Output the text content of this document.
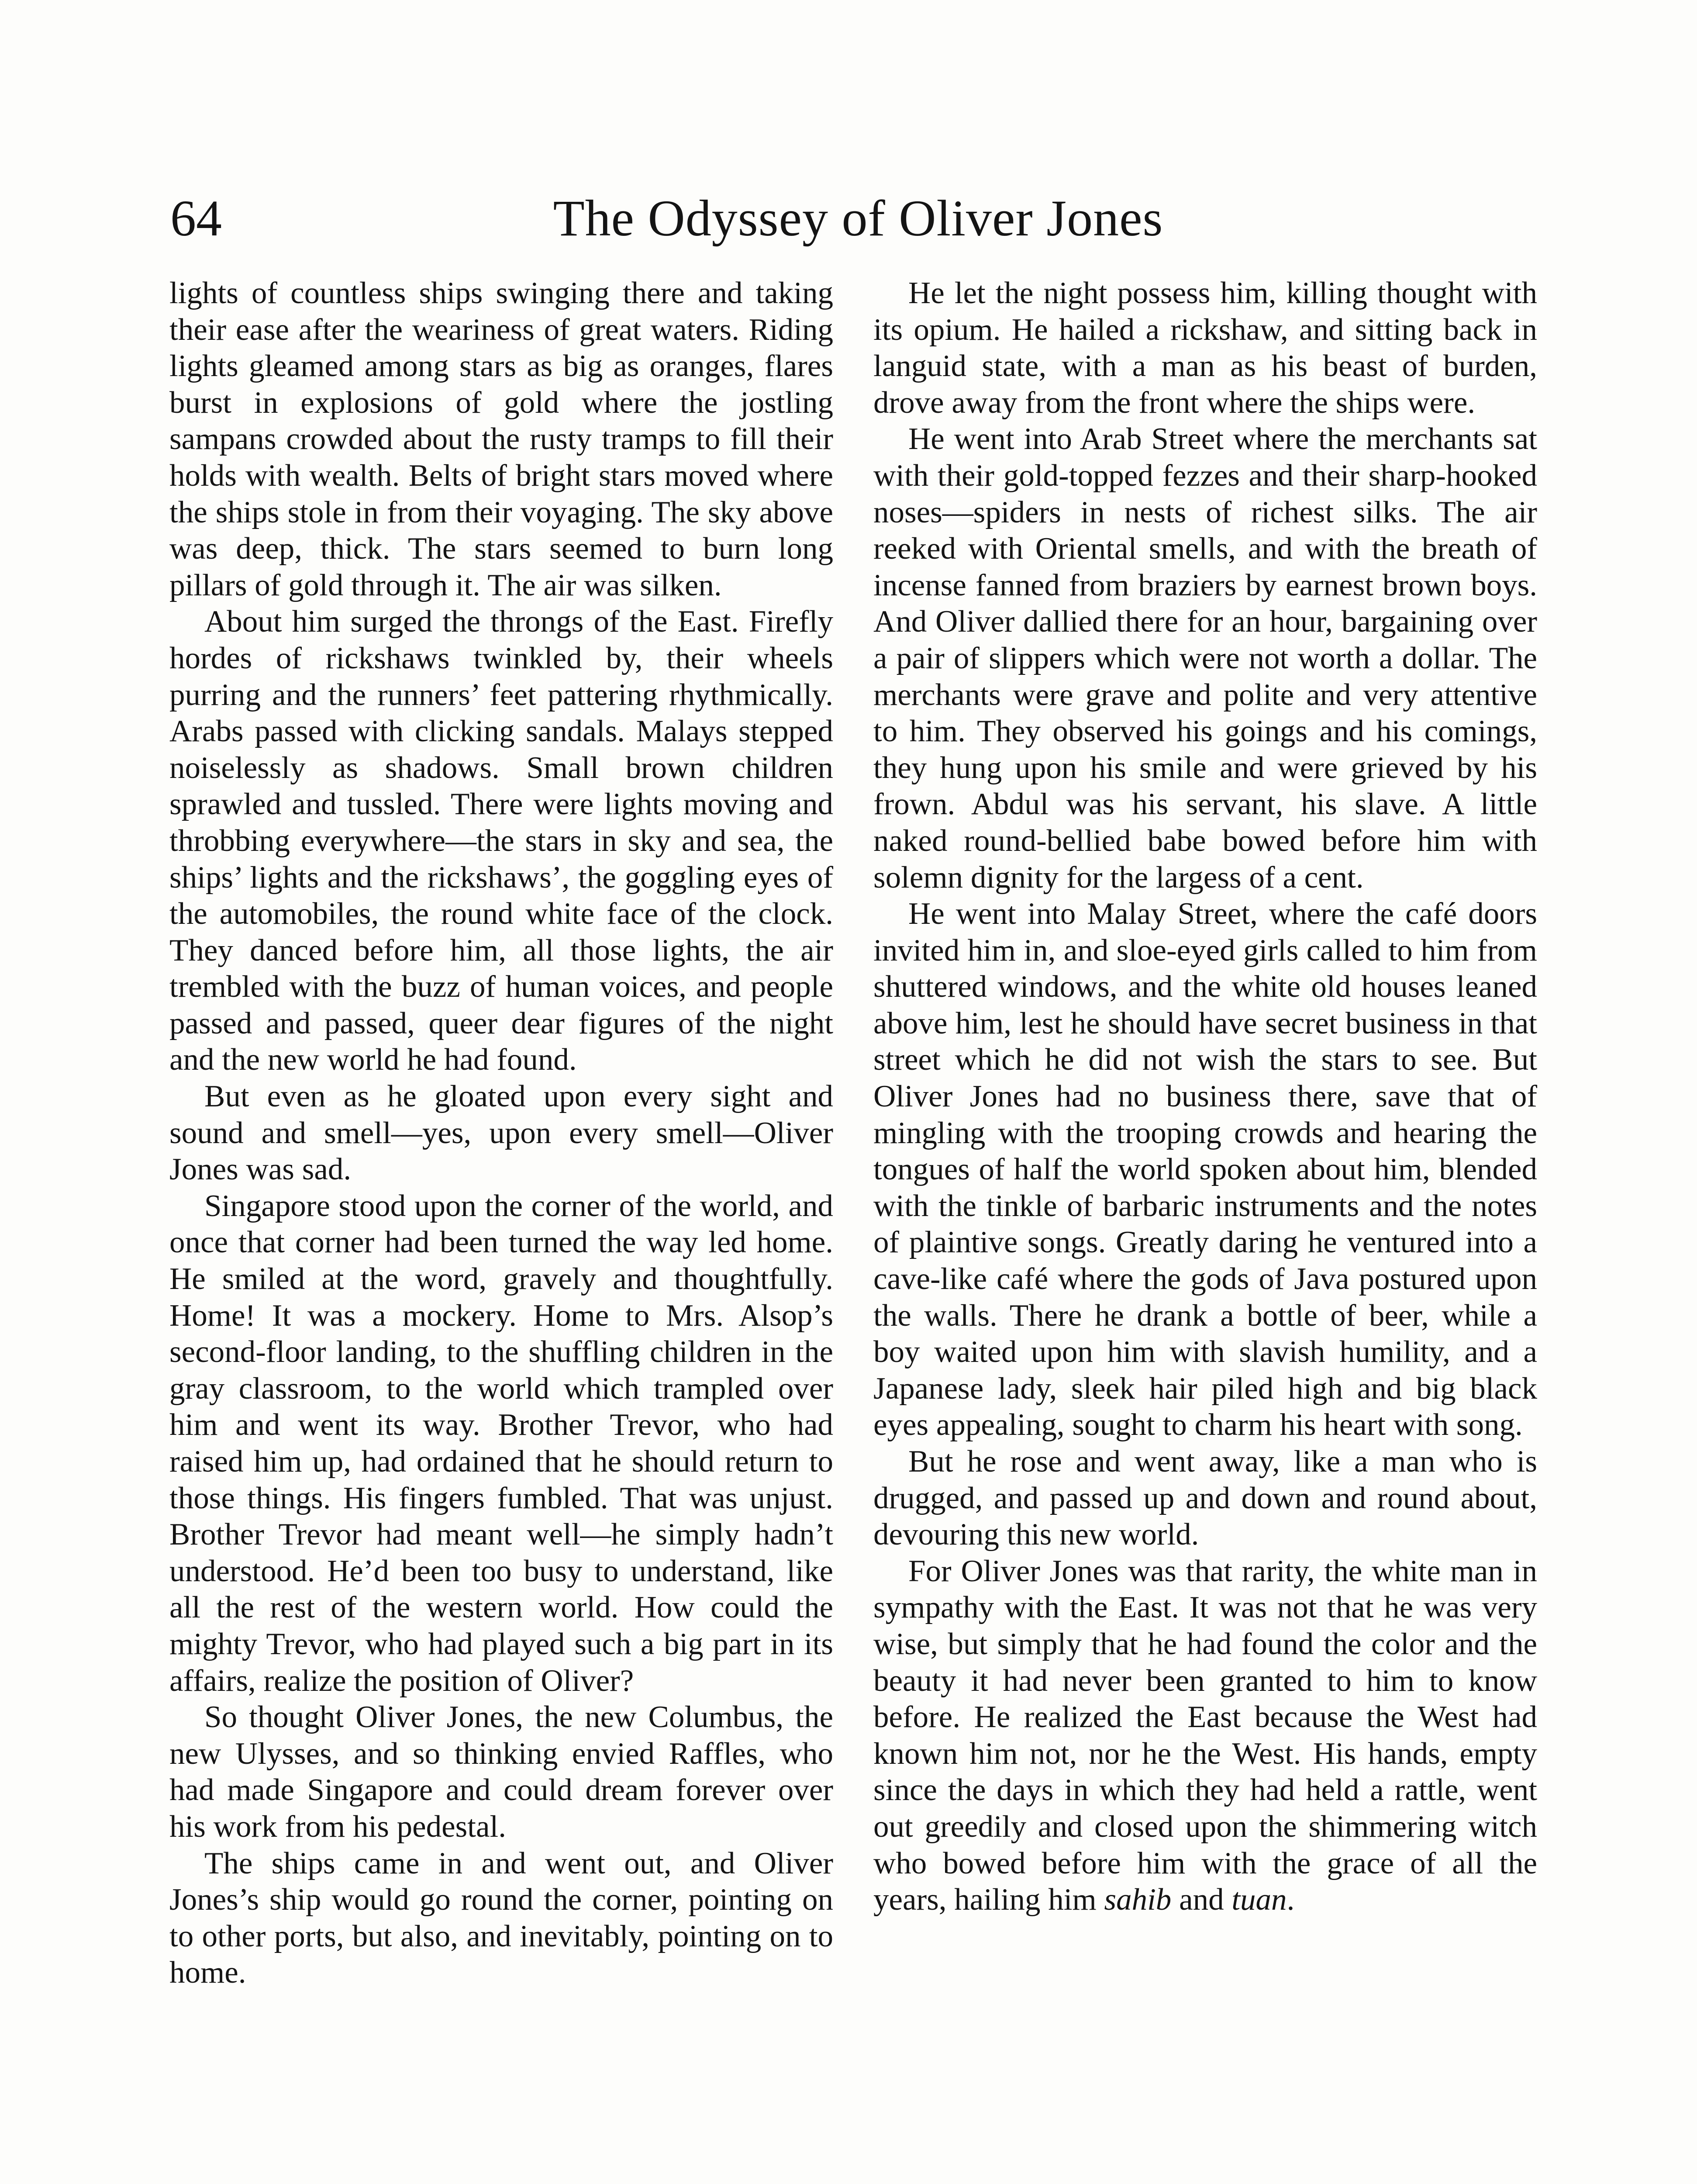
64	The Odyssey of Oliver Jones

lights of countless ships swinging there and taking their ease after the weariness of great waters. Riding lights gleamed among stars as big as oranges, flares burst in explosions of gold where the jostling sampans crowded about the rusty tramps to fill their holds with wealth. Belts of bright stars moved where the ships stole in from their voyaging. The sky above was deep, thick. The stars seemed to burn long pillars of gold through it. The air was silken.

About him surged the throngs of the East. Firefly hordes of rickshaws twinkled by, their wheels purring and the runners’ feet pattering rhythmically. Arabs passed with clicking sandals. Malays stepped noiselessly as shadows. Small brown children sprawled and tussled. There were lights moving and throbbing everywhere—the stars in sky and sea, the ships’ lights and the rickshaws’, the goggling eyes of the automobiles, the round white face of the clock. They danced before him, all those lights, the air trembled with the buzz of human voices, and people passed and passed, queer dear figures of the night and the new world he had found.

But even as he gloated upon every sight and sound and smell—yes, upon every smell—Oliver Jones was sad.

Singapore stood upon the corner of the world, and once that corner had been turned the way led home. He smiled at the word, gravely and thoughtfully. Home! It was a mockery. Home to Mrs. Alsop’s second-floor landing, to the shuffling children in the gray classroom, to the world which trampled over him and went its way. Brother Trevor, who had raised him up, had ordained that he should return to those things. His fingers fumbled. That was unjust. Brother Trevor had meant well—he simply hadn’t understood. He’d been too busy to understand, like all the rest of the western world. How could the mighty Trevor, who had played such a big part in its affairs, realize the position of Oliver?

So thought Oliver Jones, the new Columbus, the new Ulysses, and so thinking envied Raffles, who had made Singapore and could dream forever over his work from his pedestal.

The ships came in and went out, and Oliver Jones’s ship would go round the corner, pointing on to other ports, but also, and inevitably, pointing on to home.

He let the night possess him, killing thought with its opium. He hailed a rickshaw, and sitting back in languid state, with a man as his beast of burden, drove away from the front where the ships were.

He went into Arab Street where the merchants sat with their gold-topped fezzes and their sharp-hooked noses—spiders in nests of richest silks. The air reeked with Oriental smells, and with the breath of incense fanned from braziers by earnest brown boys. And Oliver dallied there for an hour, bargaining over a pair of slippers which were not worth a dollar. The merchants were grave and polite and very attentive to him. They observed his goings and his comings, they hung upon his smile and were grieved by his frown. Abdul was his servant, his slave. A little naked round-bellied babe bowed before him with solemn dignity for the largess of a cent.

He went into Malay Street, where the café doors invited him in, and sloe-eyed girls called to him from shuttered windows, and the white old houses leaned above him, lest he should have secret business in that street which he did not wish the stars to see. But Oliver Jones had no business there, save that of mingling with the trooping crowds and hearing the tongues of half the world spoken about him, blended with the tinkle of barbaric instruments and the notes of plaintive songs. Greatly daring he ventured into a cave-like café where the gods of Java postured upon the walls. There he drank a bottle of beer, while a boy waited upon him with slavish humility, and a Japanese lady, sleek hair piled high and big black eyes appealing, sought to charm his heart with song.

But he rose and went away, like a man who is drugged, and passed up and down and round about, devouring this new world.

For Oliver Jones was that rarity, the white man in sympathy with the East. It was not that he was very wise, but simply that he had found the color and the beauty it had never been granted to him to know before. He realized the East because the West had known him not, nor he the West. His hands, empty since the days in which they had held a rattle, went out greedily and closed upon the shimmering witch who bowed before him with the grace of all the years, hailing him sahib and tuan.
